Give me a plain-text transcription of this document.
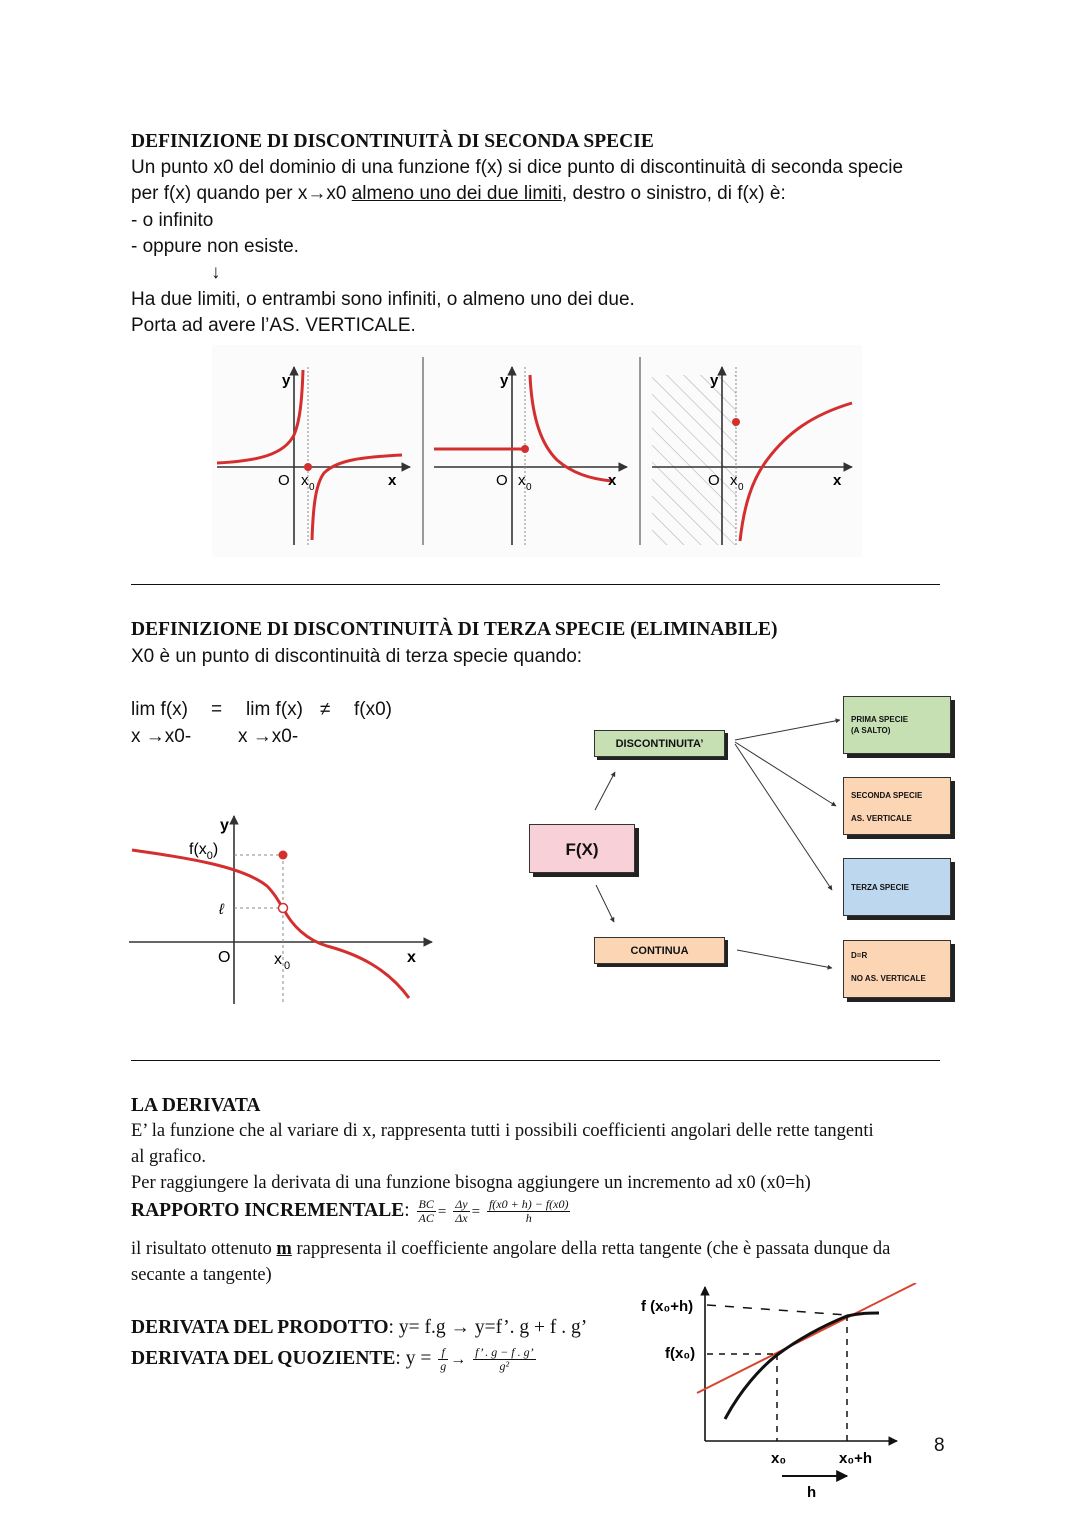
DEFINIZIONE DI DISCONTINUITÀ DI SECONDA SPECIE
Un punto x0 del dominio di una funzione f(x) si dice punto di discontinuità di seconda specie
per f(x) quando per x→x0 almeno uno dei due limiti, destro o sinistro, di f(x) è:
- o infinito
- oppure non esiste.
↓
Ha due limiti, o entrambi sono infiniti, o almeno uno dei due.
Porta ad avere l’AS. VERTICALE.
y
O x 0	x
y
O x 0	x
y
O x 0	x
DEFINIZIONE DI DISCONTINUITÀ DI TERZA SPECIE (ELIMINABILE)
X0 è un punto di discontinuità di terza specie quando:
lim f(x) = lim f(x) ≠ f(x0)
x →x0- x →x0-
y
$f(x_0)$
ℓ
O	x 0	x
DISCONTINUITA’
F(X)
CONTINUA
PRIMA SPECIE
(A SALTO)
SECONDA SPECIE
AS. VERTICALE
TERZA SPECIE
D=R
NO AS. VERTICALE
LA DERIVATA
E’ la funzione che al variare di x, rappresenta tutti i possibili coefficienti angolari delle rette tangenti
al grafico.
Per raggiungere la derivata di una funzione bisogna aggiungere un incremento ad x0 (x0=h)
RAPPORTO INCREMENTALE: $\frac{BC}{AC} = \frac{\Delta y}{\Delta x} = \frac{f(x0 + h) - f(x0)}{h}$
il risultato ottenuto m rappresenta il coefficiente angolare della retta tangente (che è passata dunque da
secante a tangente)
DERIVATA DEL PRODOTTO: y= f.g → y=f’. g + f . g’
DERIVATA DEL QUOZIENTE: $y = \frac{f}{g} \to \frac{f’ . g - f . g’}{\text{g²}}$
f (x₀+h)
f(x₀)
x₀	x₀+h
h
8
